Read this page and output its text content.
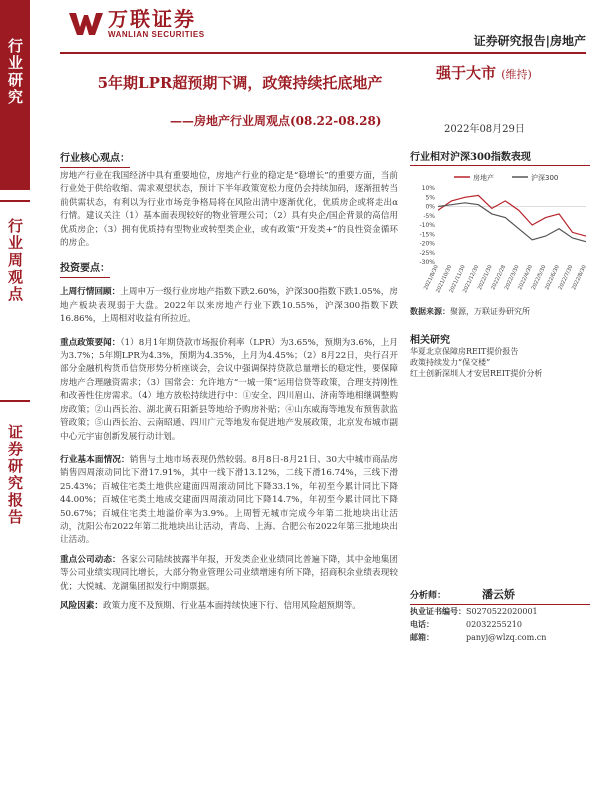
行业研究
行业周观点
证券研究报告
万联证券
WANLIAN SECURITIES	证券研究报告|房地产
5年期LPR超预期下调，政策持续托底地产
——房地产行业周观点(08.22-08.28)
强于大市 (维持)
2022年08月29日
行业核心观点：
房地产行业在我国经济中具有重要地位，房地产行业的稳定是“稳增长”的重要方面，当前行业处于供给收缩、需求观望状态，预计下半年政策宽松力度仍会持续加码，逐渐扭转当前供需状态，有利以为行业市场竞争格局将在风险出清中逐渐优化，优质房企或将走出α行情。建议关注（1）基本面表现较好的物业管理公司；（2）具有央企/国企背景的高信用优质房企；（3）拥有优质持有型物业或转型类企业，或有政策“开发类+”的良性资金循环的房企。
投资要点：
上周行情回顾：上周申万一级行业房地产指数下跌2.60%，沪深300指数下跌1.05%，房地产板块表现弱于大盘。2022年以来房地产行业下跌10.55%，沪深300指数下跌16.86%，上周相对收益有所拉近。
重点政策要闻：（1）8月1年期贷款市场报价利率（LPR）为3.65%，预期为3.6%，上月为3.7%；5年期LPR为4.3%，预期为4.35%，上月为4.45%；（2）8月22日，央行召开部分金融机构货币信贷形势分析座谈会，会议中强调保持贷款总量增长的稳定性，要保障房地产合理融资需求；（3）国常会：允许地方“一城一策”运用信贷等政策，合理支持刚性和改善性住房需求。（4）地方放松持续进行中：①安全、四川眉山、济南等地相继调整购房政策；②山西长治、湖北黄石阳新县等地给予购房补贴；④山东威海等地发布预售款监管政策；⑤山西长治、云南昭通、四川广元等地发布促进地产发展政策，北京发布城市副中心元宇宙创新发展行动计划。
行业基本面情况：销售与土地市场表现仍然较弱。8月8日-8月21日、30大中城市商品房销售四周滚动同比下滑17.91%，其中一线下滑13.12%，二线下滑16.74%，三线下滑25.43%；百城住宅类土地供应建面四周滚动同比下降33.1%，年初至今累计同比下降44.00%；百城住宅类土地成交建面四周滚动同比下降14.7%，年初至今累计同比下降50.67%；百城住宅类土地溢价率为3.9%。上周暂无城市完成今年第二批地块出让活动，沈阳公布2022年第二批地块出让活动，青岛、上海、合肥公布2022年第三批地块出让活动。
重点公司动态：各家公司陆续披露半年报，开发类企业业绩同比普遍下降，其中金地集团等公司业绩实现同比增长，大部分物业管理公司业绩增速有所下降，招商积余业绩表现较优；大悦城、龙湖集团拟发行中期票据。
风险因素：政策力度不及预期、行业基本面持续快速下行、信用风险超预期等。
行业相对沪深300指数表现
房地产	沪深300
10%
5%
0%
-5%
-10%
-15%
-20%
-25%
-30%
2021/8/30
2021/10/30
2021/11/30
2021/12/30
2022/1/30
2022/2/28
2022/3/30
2022/4/30
2022/5/30
2022/6/30
2022/7/30
2022/8/30
数据来源：聚源，万联证券研究所
相关研究
华夏北京保障房REIT提价报告
政策持续发力“保交楼”
红土创新深圳人才安居REIT提价分析
分析师：	潘云娇
执业证书编号： S0270522020001
电话：	02032255210
邮箱：	panyj@wlzq.com.cn
